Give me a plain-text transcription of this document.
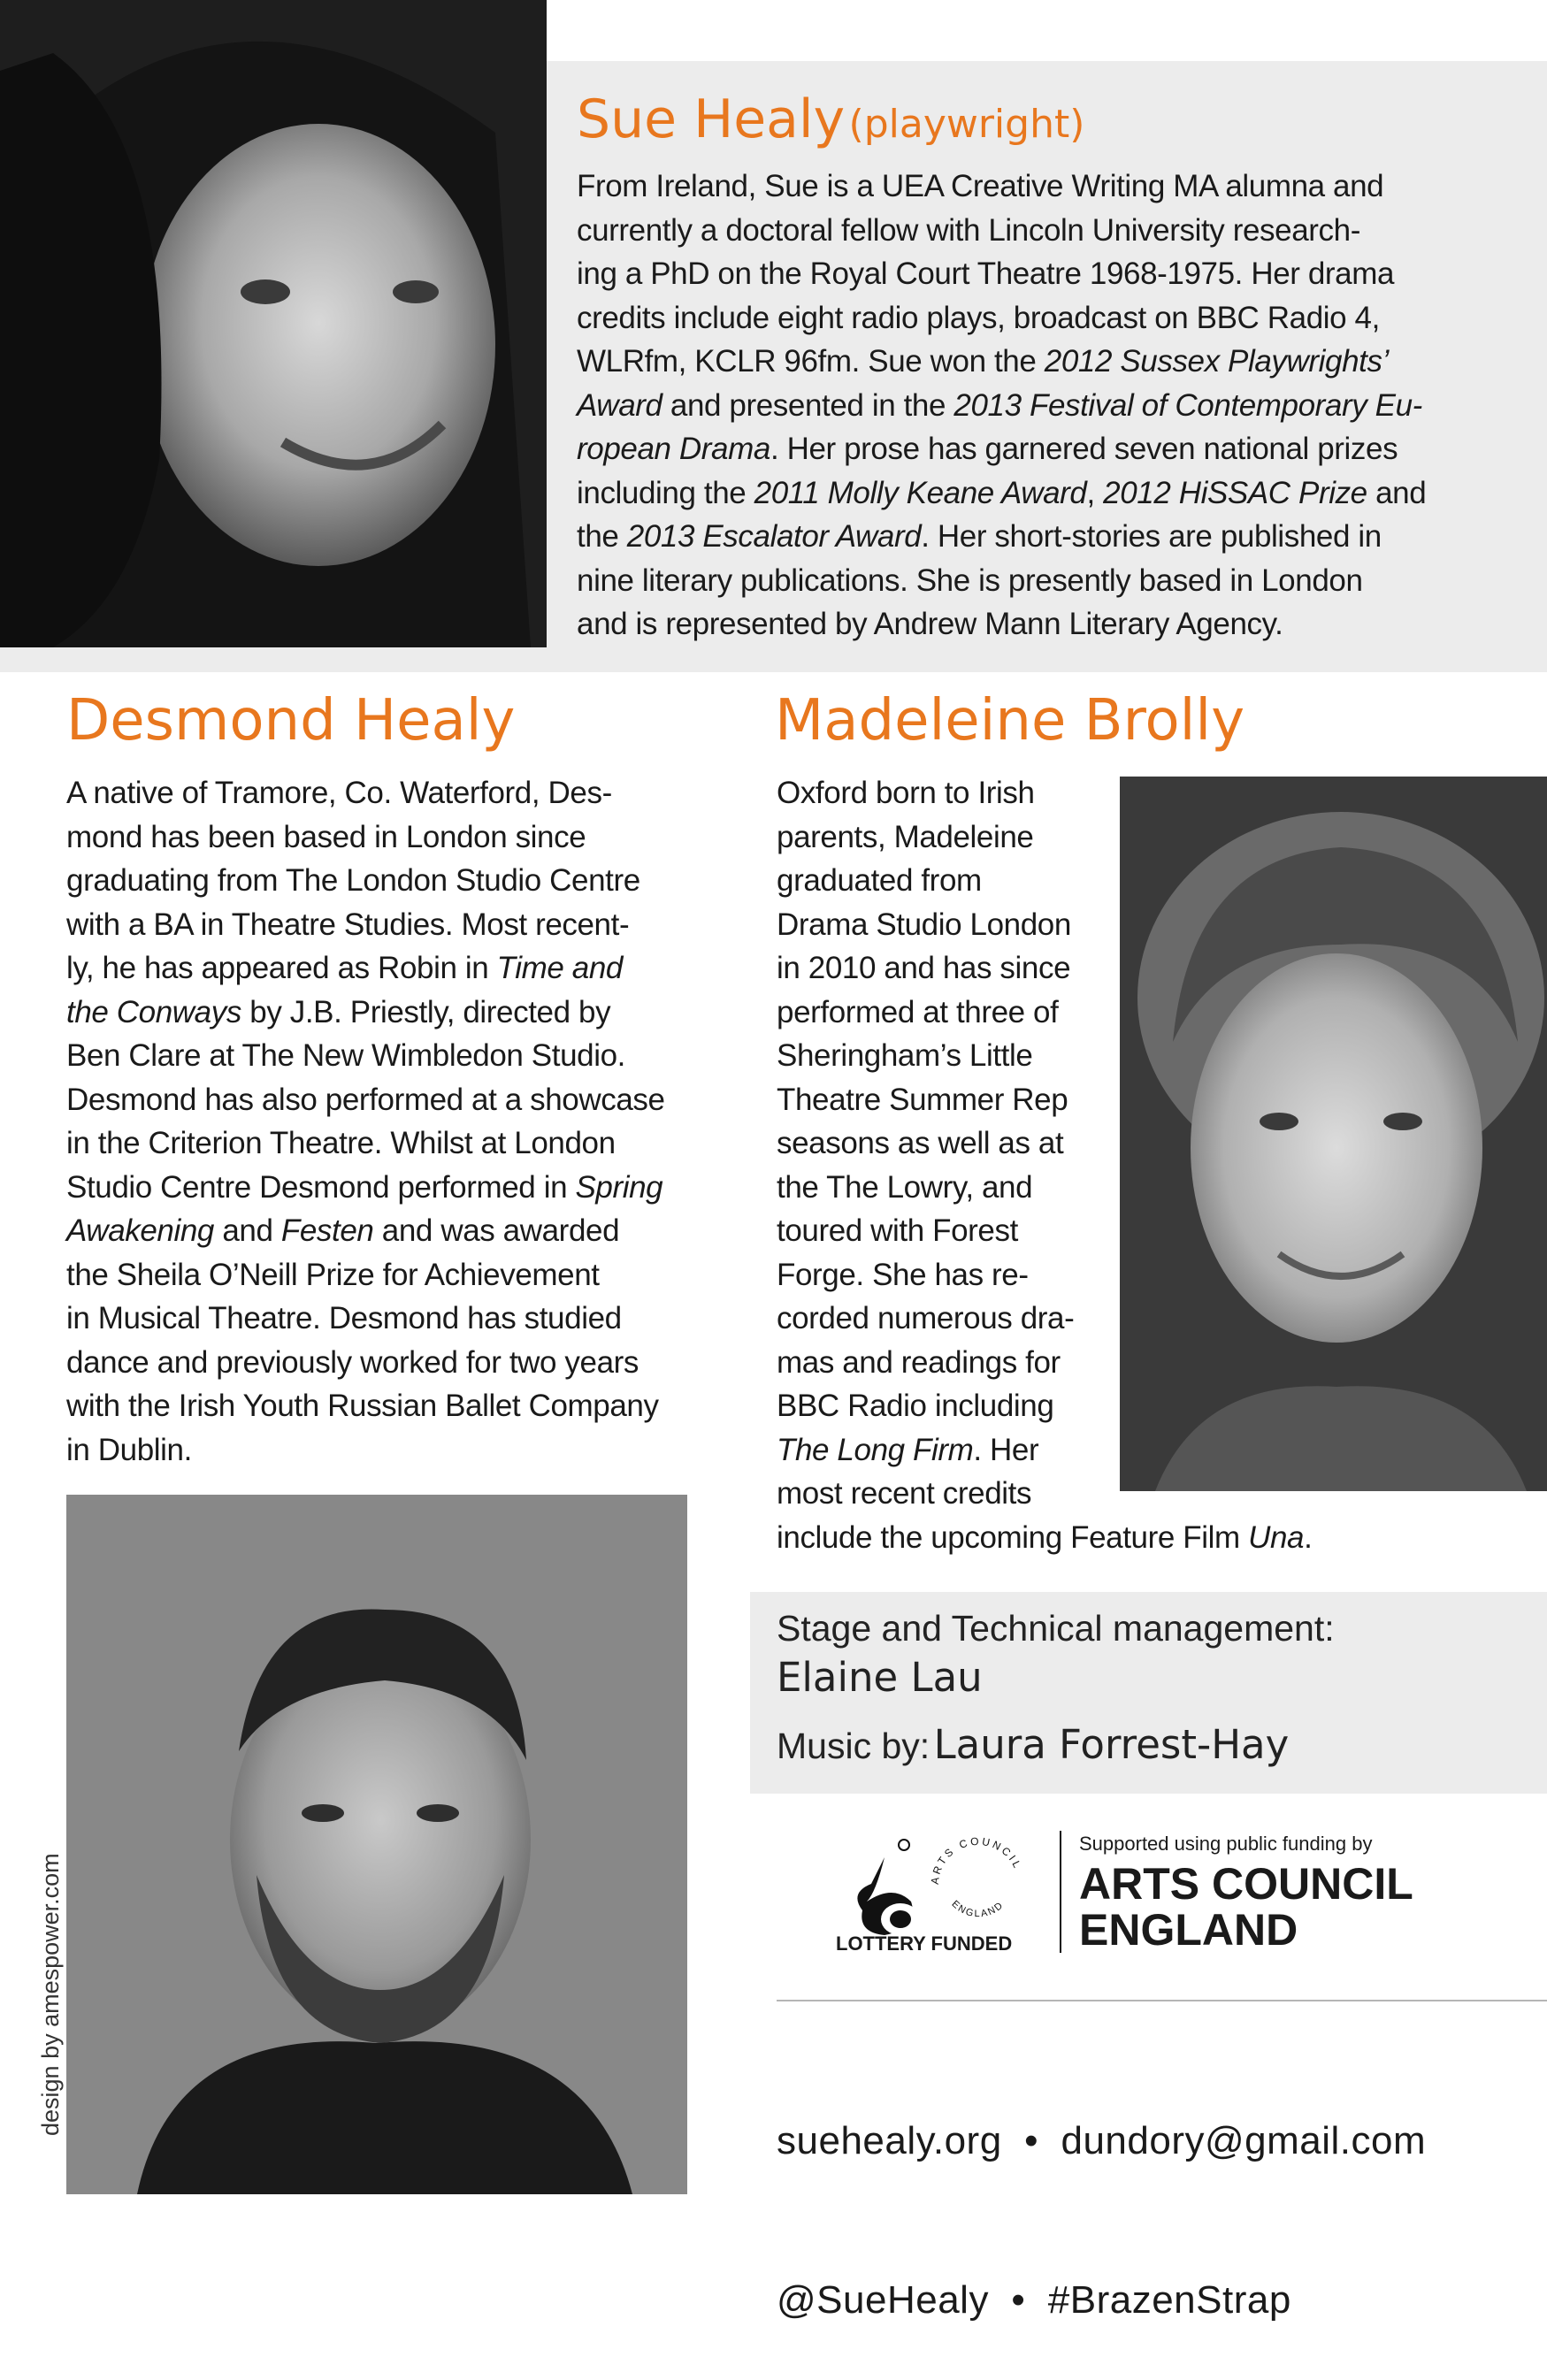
Sue Healy (playwright)
From Ireland, Sue is a UEA Creative Writing MA alumna and
currently a doctoral fellow with Lincoln University research-
ing a PhD on the Royal Court Theatre 1968-1975. Her drama
credits include eight radio plays, broadcast on BBC Radio 4,
WLRfm, KCLR 96fm. Sue won the 2012 Sussex Playwrights’
Award and presented in the 2013 Festival of Contemporary Eu-
ropean Drama. Her prose has garnered seven national prizes
including the 2011 Molly Keane Award, 2012 HiSSAC Prize and
the 2013 Escalator Award. Her short-stories are published in
nine literary publications. She is presently based in London
and is represented by Andrew Mann Literary Agency.
Desmond Healy
A native of Tramore, Co. Waterford, Des-
mond has been based in London since
graduating from The London Studio Centre
with a BA in Theatre Studies. Most recent-
ly, he has appeared as Robin in Time and
the Conways by J.B. Priestly, directed by
Ben Clare at The New Wimbledon Studio.
Desmond has also performed at a showcase
in the Criterion Theatre. Whilst at London
Studio Centre Desmond performed in Spring
Awakening and Festen and was awarded
the Sheila O’Neill Prize for Achievement
in Musical Theatre. Desmond has studied
dance and previously worked for two years
with the Irish Youth Russian Ballet Company
in Dublin.
design by amespower.com
Madeleine Brolly
Oxford born to Irish
parents, Madeleine
graduated from
Drama Studio London
in 2010 and has since
performed at three of
Sheringham’s Little
Theatre Summer Rep
seasons as well as at
the The Lowry, and
toured with Forest
Forge. She has re-
corded numerous dra-
mas and readings for
BBC Radio including
The Long Firm. Her
most recent credits
include the upcoming Feature Film Una.
Stage and Technical management:
Elaine Lau
Music by: Laura Forrest-Hay
LOTTERY FUNDED
ARTS COUNCIL
ENGLAND
Supported using public funding by
ARTS COUNCIL
ENGLAND

suehealy.org  •  dundory@gmail.com

@SueHealy  •  #BrazenStrap
